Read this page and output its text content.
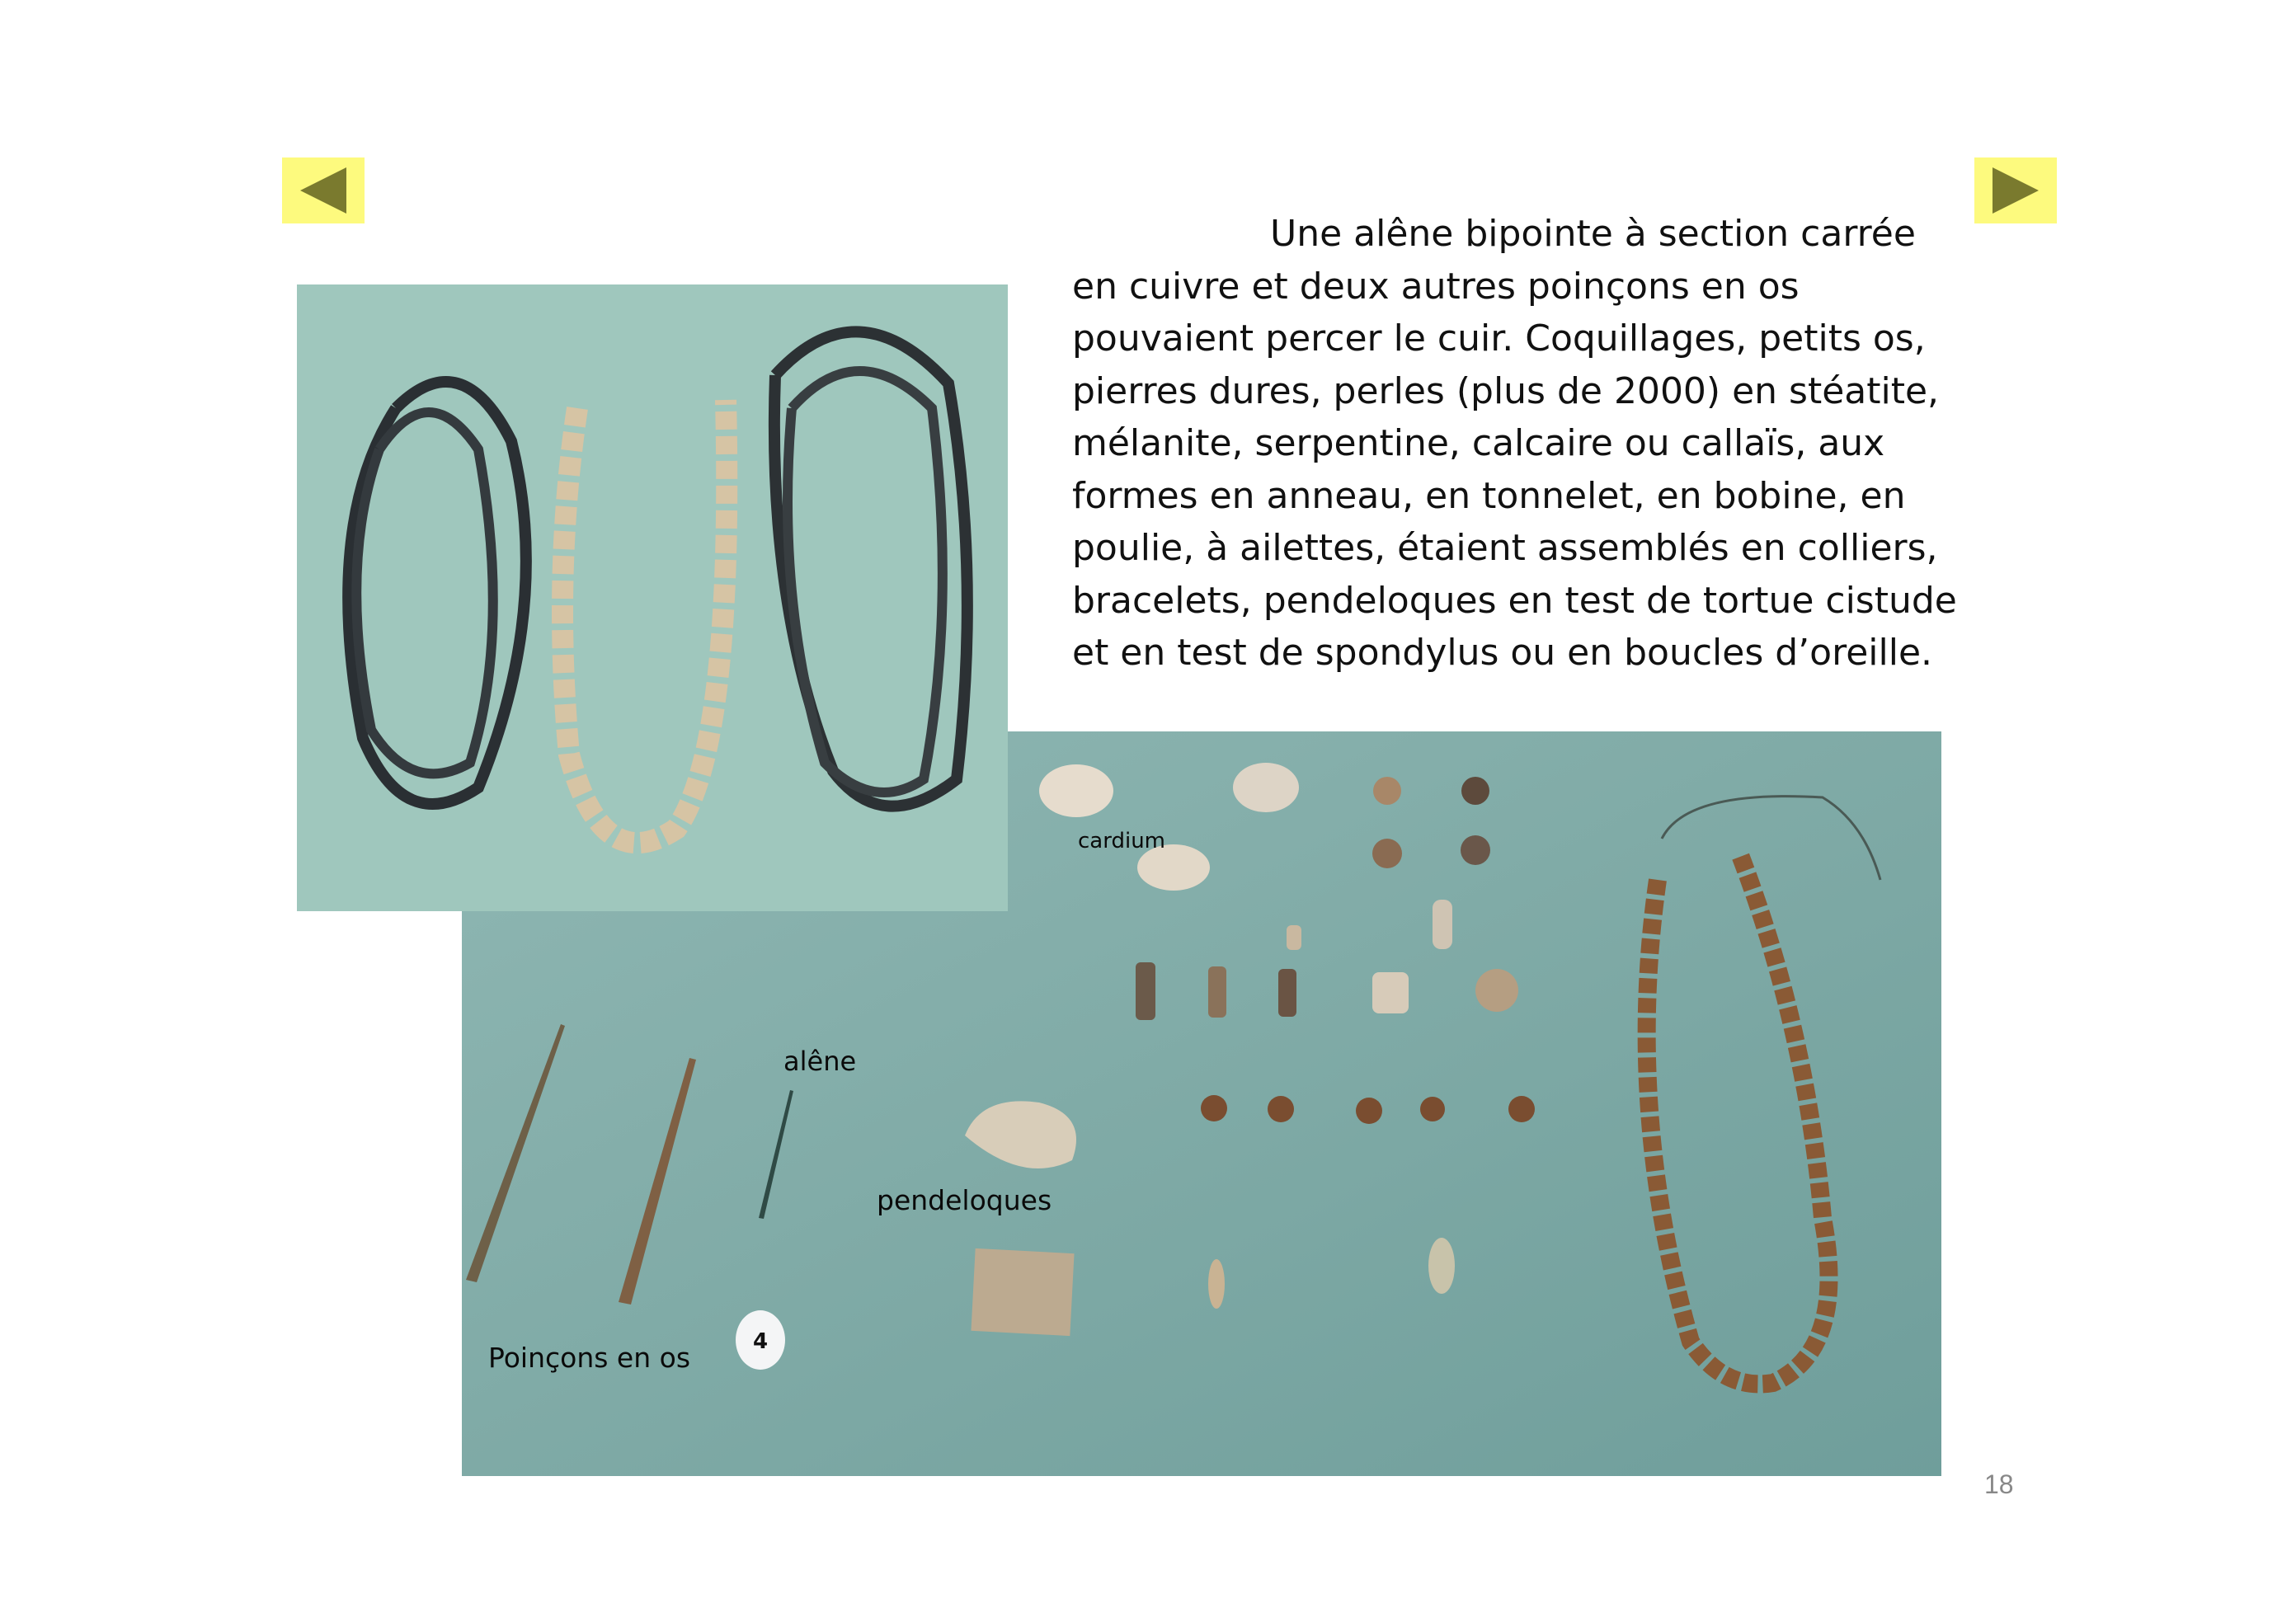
Une alêne bipointe à section carrée
en cuivre et deux autres poinçons en os
pouvaient percer le cuir. Coquillages, petits os,
pierres dures, perles (plus de 2000) en stéatite,
mélanite, serpentine, calcaire ou callaïs, aux
formes en anneau, en tonnelet, en bobine, en
poulie, à ailettes, étaient assemblés en colliers,
bracelets, pendeloques en test de tortue cistude
et en test de spondylus ou en boucles d’oreille.
4
cardium
alêne
pendeloques
Poinçons en os
18
